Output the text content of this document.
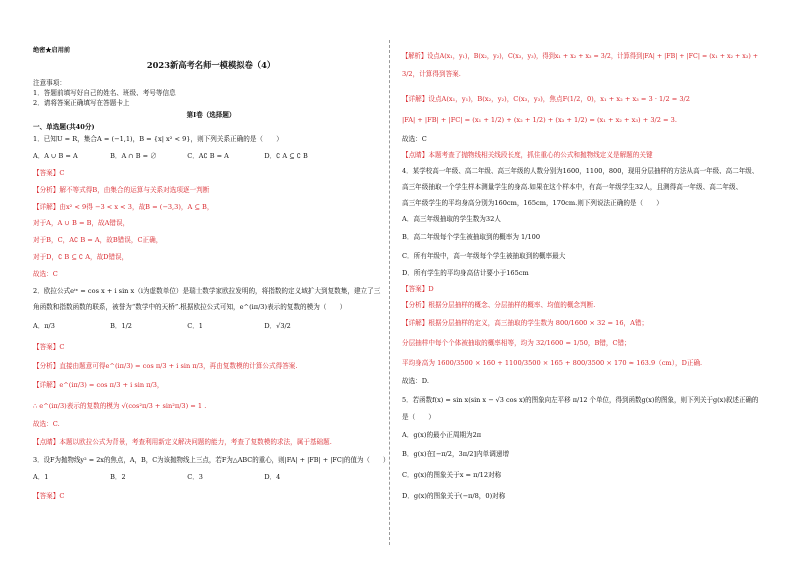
绝密★启用前
2023新高考名师一模模拟卷（4）
注意事项：
1．答题前填写好自己的姓名、班级、考号等信息
2．请将答案正确填写在答题卡上
第I卷（选择题）
一、单选题(共40分)
1．已知U = R，集合A = (−1,1)，B = {x| x² < 9}，则下列关系正确的是（　　）
A．A ∪ B = A	B．A ∩ B = ∅	C．A∁ B = A	D．∁ A ⊆ ∁ B
【答案】C
【分析】解不等式得B，由集合的运算与关系对选项逐一判断
【详解】由x² < 9得 −3 < x < 3，故B = (−3,3)，A ⊆ B，
对于A，A ∪ B = B，故A错误，
对于B，C，A∁ B = A，故B错误，C正确，
对于D，∁ B ⊆ ∁ A，故D错误，
故选：C
2．欧拉公式eⁱˣ = cos x + i sin x（i为虚数单位）是瑞士数学家欧拉发明的，将指数的定义域扩大到复数集，建立了三
角函数和指数函数的联系，被誉为“数学中的天桥”.根据欧拉公式可知，e^(iπ/3)表示的复数的模为（　　）
A．π/3	B．1/2	C．1	D．√3/2
【答案】C
【分析】直接由题意可得e^(iπ/3) = cos π/3 + i sin π/3，再由复数模的计算公式得答案.
【详解】e^(iπ/3) = cos π/3 + i sin π/3，
∴ e^(iπ/3)表示的复数的模为 √(cos²π/3 + sin²π/3) = 1 .
故选：C.
【点睛】本题以欧拉公式为背景，考查利用新定义解决问题的能力，考查了复数模的求法，属于基础题.
3．设F为抛物线y² = 2x的焦点，A，B，C为该抛物线上三点，若F为△ABC的重心，则|FA| + |FB| + |FC|的值为（　　）
A．1	B．2	C．3	D．4
【答案】C
【解析】设点A(x₁，y₁)，B(x₂，y₂)，C(x₃，y₃)，得到x₁ + x₂ + x₃ = 3/2，计算得到|FA| + |FB| + |FC| = (x₁ + x₂ + x₃) +
3/2，计算得到答案.
【详解】设点A(x₁，y₁)，B(x₂，y₂)，C(x₃，y₃)，焦点F(1/2，0)，x₁ + x₂ + x₃ = 3 · 1/2 = 3/2
|FA| + |FB| + |FC| = (x₁ + 1/2) + (x₂ + 1/2) + (x₃ + 1/2) = (x₁ + x₂ + x₃) + 3/2 = 3.
故选：C
【点睛】本题考查了抛物线相关线段长度，抓住重心的公式和抛物线定义是解题的关键
4．某学校高一年级、高二年级、高三年级的人数分别为1600，1100，800，现用分层抽样的方法从高一年级、高二年级、
高三年级抽取一个学生样本测量学生的身高.如果在这个样本中，有高一年级学生32人，且测得高一年级、高二年级、
高三年级学生的平均身高分别为160cm，165cm，170cm.则下列说法正确的是（　　）
A．高三年级抽取的学生数为32人
B．高二年级每个学生被抽取到的概率为 1/100
C．所有年级中，高一年级每个学生被抽取到的概率最大
D．所有学生的平均身高估计要小于165cm
【答案】D
【分析】根据分层抽样的概念、分层抽样的概率、均值的概念判断.
【详解】根据分层抽样的定义，高三抽取的学生数为 800/1600 × 32 = 16，A错；
分层抽样中每个个体被抽取的概率相等，均为 32/1600 = 1/50，B错，C错；
平均身高为 1600/3500 × 160 + 1100/3500 × 165 + 800/3500 × 170 ≈ 163.9（cm），D正确.
故选：D.
5．若函数f(x) = sin x(sin x − √3 cos x)的图象向左平移 π/12 个单位，得到函数g(x)的图象，则下列关于g(x)叙述正确的
是（　　）
A．g(x)的最小正周期为2π
B．g(x)在[−π/2，3π/2]内单调递增
C．g(x)的图象关于x = π/12对称
D．g(x)的图象关于(−π/8，0)对称
